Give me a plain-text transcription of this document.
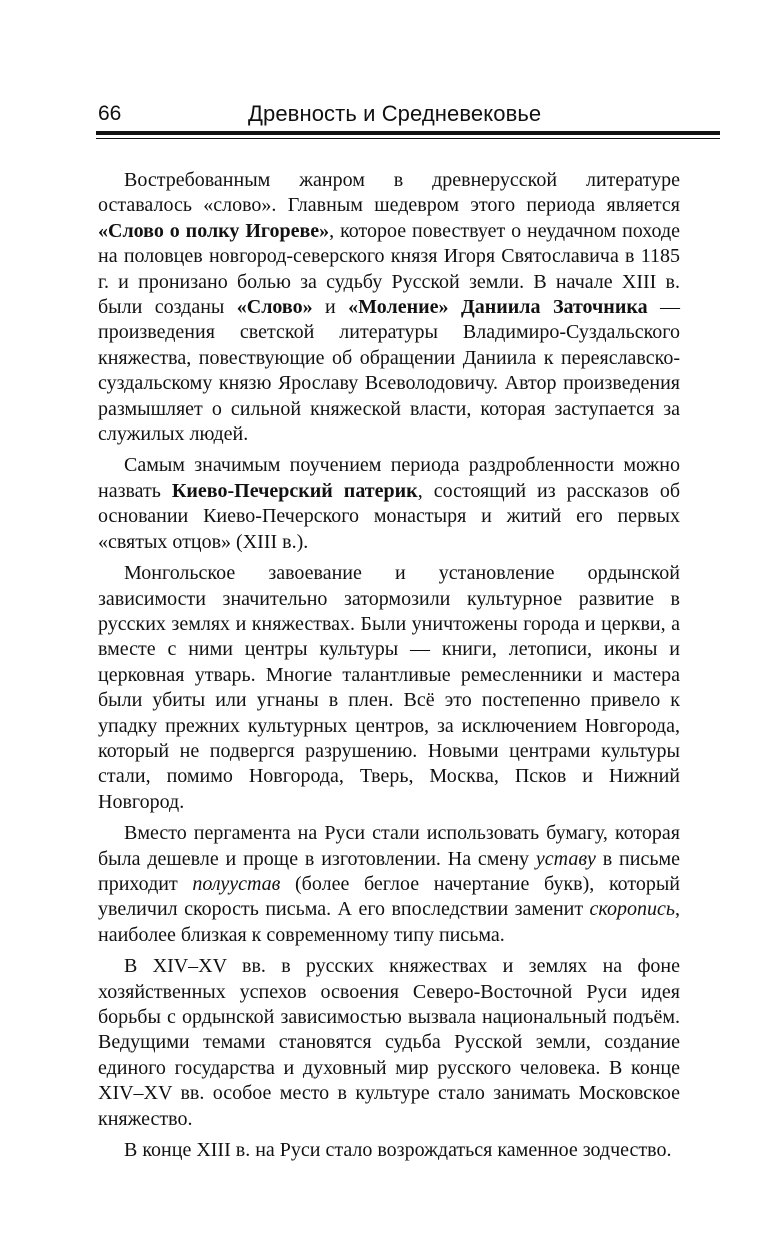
66	Древность и Средневековье

Востребованным жанром в древнерусской литературе оставалось «слово». Главным шедевром этого периода является «Слово о полку Игореве», которое повествует о неудачном походе на половцев новгород-северского князя Игоря Святославича в 1185 г. и пронизано болью за судьбу Русской земли. В начале XIII в. были созданы «Слово» и «Моление» Даниила Заточника — произведения светской литературы Владимиро-Суздальского княжества, повествующие об обращении Даниила к переяславско-суздальскому князю Ярославу Всеволодовичу. Автор произведения размышляет о сильной княжеской власти, которая заступается за служилых людей.

Самым значимым поучением периода раздробленности можно назвать Киево-Печерский патерик, состоящий из рассказов об основании Киево-Печерского монастыря и житий его первых «святых отцов» (XIII в.).

Монгольское завоевание и установление ордынской зависимости значительно затормозили культурное развитие в русских землях и княжествах. Были уничтожены города и церкви, а вместе с ними центры культуры — книги, летописи, иконы и церковная утварь. Многие талантливые ремесленники и мастера были убиты или угнаны в плен. Всё это постепенно привело к упадку прежних культурных центров, за исключением Новгорода, который не подвергся разрушению. Новыми центрами культуры стали, помимо Новгорода, Тверь, Москва, Псков и Нижний Новгород.

Вместо пергамента на Руси стали использовать бумагу, которая была дешевле и проще в изготовлении. На смену уставу в письме приходит полуустав (более беглое начертание букв), который увеличил скорость письма. А его впоследствии заменит скоропись, наиболее близкая к современному типу письма.

В XIV–XV вв. в русских княжествах и землях на фоне хозяйственных успехов освоения Северо-Восточной Руси идея борьбы с ордынской зависимостью вызвала национальный подъём. Ведущими темами становятся судьба Русской земли, создание единого государства и духовный мир русского человека. В конце XIV–XV вв. особое место в культуре стало занимать Московское княжество.

В конце XIII в. на Руси стало возрождаться каменное зодчество.
